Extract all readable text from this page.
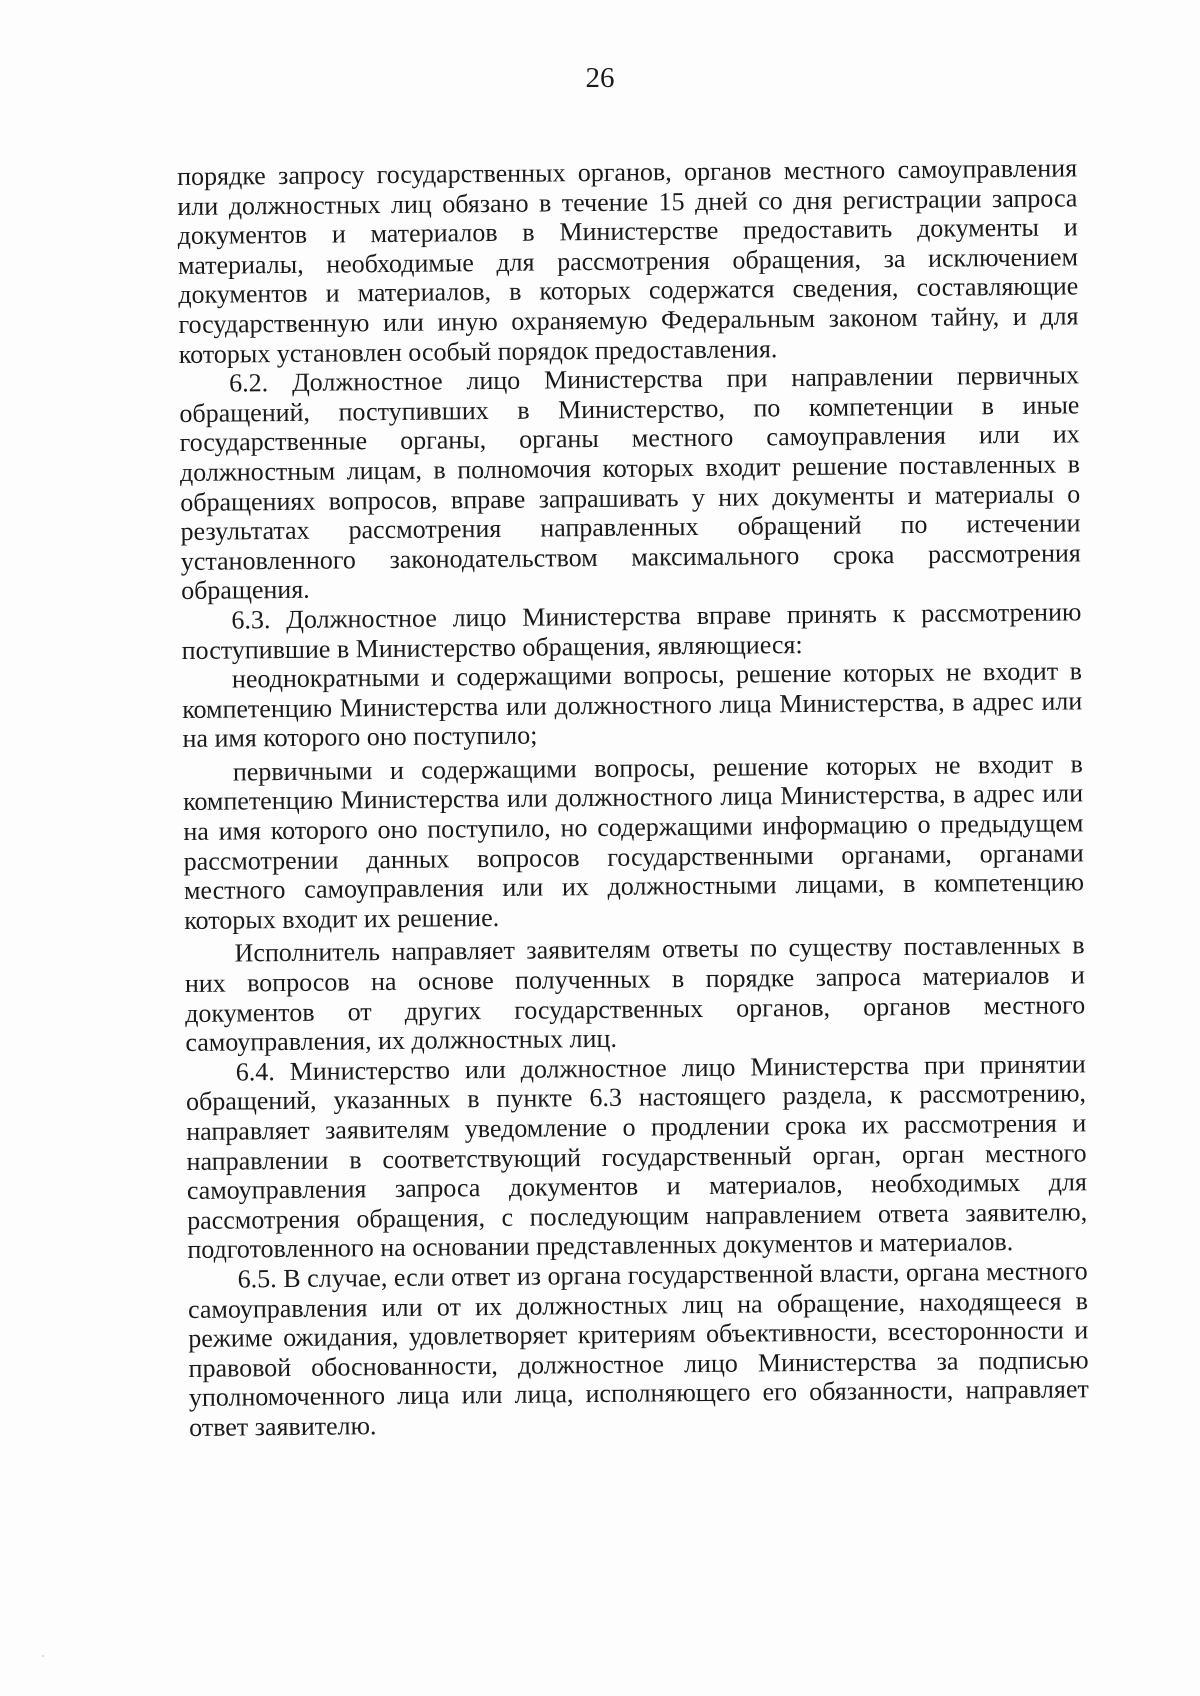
26

порядке запросу государственных органов, органов местного самоуправления или должностных лиц обязано в течение 15 дней со дня регистрации запроса документов и материалов в Министерстве предоставить документы и материалы, необходимые для рассмотрения обращения, за исключением документов и материалов, в которых содержатся сведения, составляющие государственную или иную охраняемую Федеральным законом тайну, и для которых установлен особый порядок предоставления.

6.2. Должностное лицо Министерства при направлении первичных обращений, поступивших в Министерство, по компетенции в иные государственные органы, органы местного самоуправления или их должностным лицам, в полномочия которых входит решение поставленных в обращениях вопросов, вправе запрашивать у них документы и материалы о результатах рассмотрения направленных обращений по истечении установленного законодательством максимального срока рассмотрения обращения.

6.3. Должностное лицо Министерства вправе принять к рассмотрению поступившие в Министерство обращения, являющиеся:

неоднократными и содержащими вопросы, решение которых не входит в компетенцию Министерства или должностного лица Министерства, в адрес или на имя которого оно поступило;

первичными и содержащими вопросы, решение которых не входит в компетенцию Министерства или должностного лица Министерства, в адрес или на имя которого оно поступило, но содержащими информацию о предыдущем рассмотрении данных вопросов государственными органами, органами местного самоуправления или их должностными лицами, в компетенцию которых входит их решение.

Исполнитель направляет заявителям ответы по существу поставленных в них вопросов на основе полученных в порядке запроса материалов и документов от других государственных органов, органов местного самоуправления, их должностных лиц.

6.4. Министерство или должностное лицо Министерства при принятии обращений, указанных в пункте 6.3 настоящего раздела, к рассмотрению, направляет заявителям уведомление о продлении срока их рассмотрения и направлении в соответствующий государственный орган, орган местного самоуправления запроса документов и материалов, необходимых для рассмотрения обращения, с последующим направлением ответа заявителю, подготовленного на основании представленных документов и материалов.

6.5. В случае, если ответ из органа государственной власти, органа местного самоуправления или от их должностных лиц на обращение, находящееся в режиме ожидания, удовлетворяет критериям объективности, всесторонности и правовой обоснованности, должностное лицо Министерства за подписью уполномоченного лица или лица, исполняющего его обязанности, направляет ответ заявителю.
